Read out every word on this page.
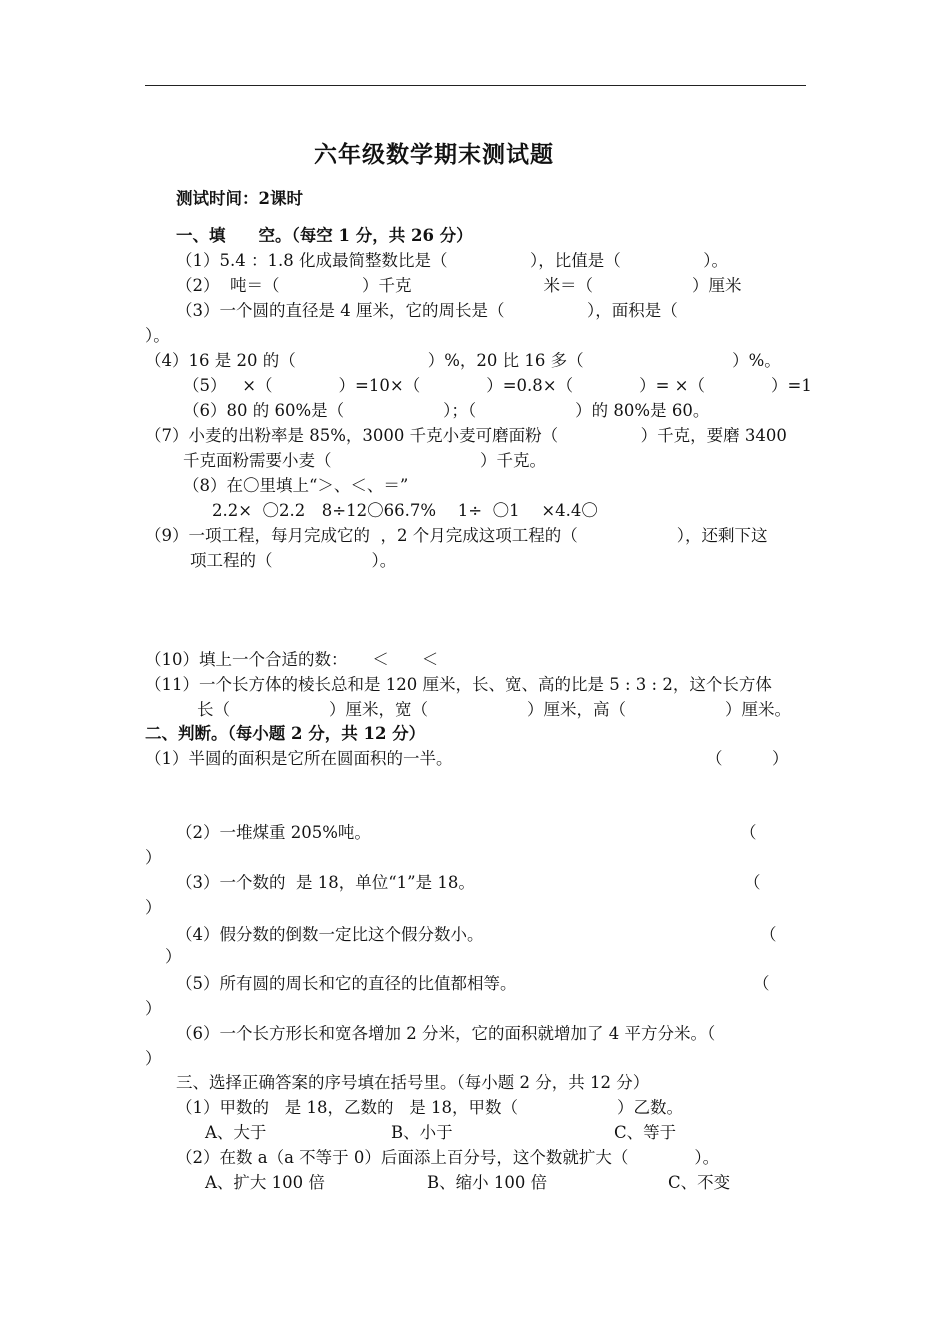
六年级数学期末测试题
测试时间：2课时
一、填　　空。（每空 1 分，共 26 分）
（1）5.4 ：1.8 化成最简整数比是（　　　　　），比值是（　　　　　）。
（2）  吨＝（　　　　　）千克　　　　　　　　米＝（　　　　　　）厘米
（3）一个圆的直径是 4 厘米，它的周长是（　　　　　），面积是（
）。
（4）16 是 20 的（　　　　　　　　）%，20 比 16 多（　　　　　　　　　）%。
（5）   ×（　　　　）=10×（　　　　）=0.8×（　　　　）= ×（　　　　）=1
（6）80 的 60%是（　　　　　　）；（　　　　　　）的 80%是 60。
（7）小麦的出粉率是 85%，3000 千克小麦可磨面粉（　　　　　）千克，要磨 3400
千克面粉需要小麦（　　　　　　　　　）千克。
（8）在〇里填上“＞、＜、＝”
2.2×  〇2.2　8÷12〇66.7%　 1÷  〇1　 ×4.4〇
（9）一项工程，每月完成它的  ，2 个月完成这项工程的（　　　　　　），还剩下这
项工程的（　　　　　　）。
（10）填上一个合适的数：　　＜　　＜
（11）一个长方体的棱长总和是 120 厘米，长、宽、高的比是 5 : 3 : 2，这个长方体
长（　　　　　　）厘米，宽（　　　　　　）厘米，高（　　　　　　）厘米。
二、判断。（每小题 2 分，共 12 分）
（1）半圆的面积是它所在圆面积的一半。	（　　　）
（2）一堆煤重 205%吨。	（
）
（3）一个数的  是 18，单位“1”是 18。	（
）
（4）假分数的倒数一定比这个假分数小。	（
）
（5）所有圆的周长和它的直径的比值都相等。	（
）
（6）一个长方形长和宽各增加 2 分米，它的面积就增加了 4 平方分米。（
）
三、选择正确答案的序号填在括号里。（每小题 2 分，共 12 分）
（1）甲数的   是 18，乙数的   是 18，甲数（　　　　　　）乙数。
A、大于	B、小于	C、等于
（2）在数 a（a 不等于 0）后面添上百分号，这个数就扩大（　　　　）。
A、扩大 100 倍	B、缩小 100 倍	C、不变
